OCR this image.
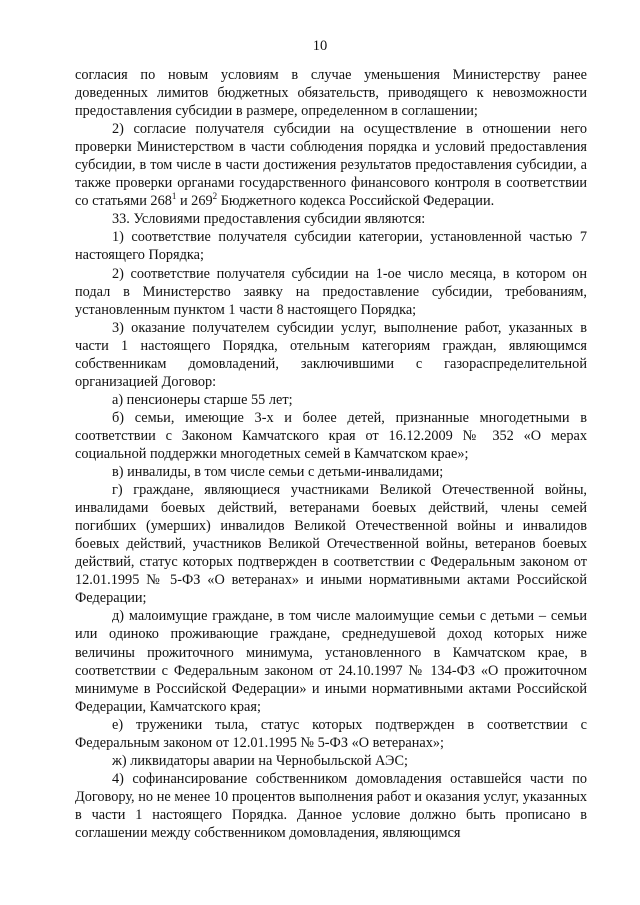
10

согласия по новым условиям в случае уменьшения Министерству ранее доведенных лимитов бюджетных обязательств, приводящего к невозможности предоставления субсидии в размере, определенном в соглашении;

2) согласие получателя субсидии на осуществление в отношении него проверки Министерством в части соблюдения порядка и условий предоставления субсидии, в том числе в части достижения результатов предоставления субсидии, а также проверки органами государственного финансового контроля в соответствии со статьями $268^1$ и $269^2$ Бюджетного кодекса Российской Федерации.

33. Условиями предоставления субсидии являются:

1) соответствие получателя субсидии категории, установленной частью 7 настоящего Порядка;

2) соответствие получателя субсидии на 1-ое число месяца, в котором он подал в Министерство заявку на предоставление субсидии, требованиям, установленным пунктом 1 части 8 настоящего Порядка;

3) оказание получателем субсидии услуг, выполнение работ, указанных в части 1 настоящего Порядка, отельным категориям граждан, являющимся собственникам домовладений, заключившими с газораспределительной организацией Договор:

а) пенсионеры старше 55 лет;

б) семьи, имеющие 3-х и более детей, признанные многодетными в соответствии с Законом Камчатского края от 16.12.2009 № 352 «О мерах социальной поддержки многодетных семей в Камчатском крае»;

в) инвалиды, в том числе семьи с детьми-инвалидами;

г) граждане, являющиеся участниками Великой Отечественной войны, инвалидами боевых действий, ветеранами боевых действий, члены семей погибших (умерших) инвалидов Великой Отечественной войны и инвалидов боевых действий, участников Великой Отечественной войны, ветеранов боевых действий, статус которых подтвержден в соответствии с Федеральным законом от 12.01.1995 № 5-ФЗ «О ветеранах» и иными нормативными актами Российской Федерации;

д) малоимущие граждане, в том числе малоимущие семьи с детьми – семьи или одиноко проживающие граждане, среднедушевой доход которых ниже величины прожиточного минимума, установленного в Камчатском крае, в соответствии с Федеральным законом от 24.10.1997 № 134-ФЗ «О прожиточном минимуме в Российской Федерации» и иными нормативными актами Российской Федерации, Камчатского края;

е) труженики тыла, статус которых подтвержден в соответствии с Федеральным законом от 12.01.1995 № 5-ФЗ «О ветеранах»;

ж) ликвидаторы аварии на Чернобыльской АЭС;

4) софинансирование собственником домовладения оставшейся части по Договору, но не менее 10 процентов выполнения работ и оказания услуг, указанных в части 1 настоящего Порядка. Данное условие должно быть прописано в соглашении между собственником домовладения, являющимся
